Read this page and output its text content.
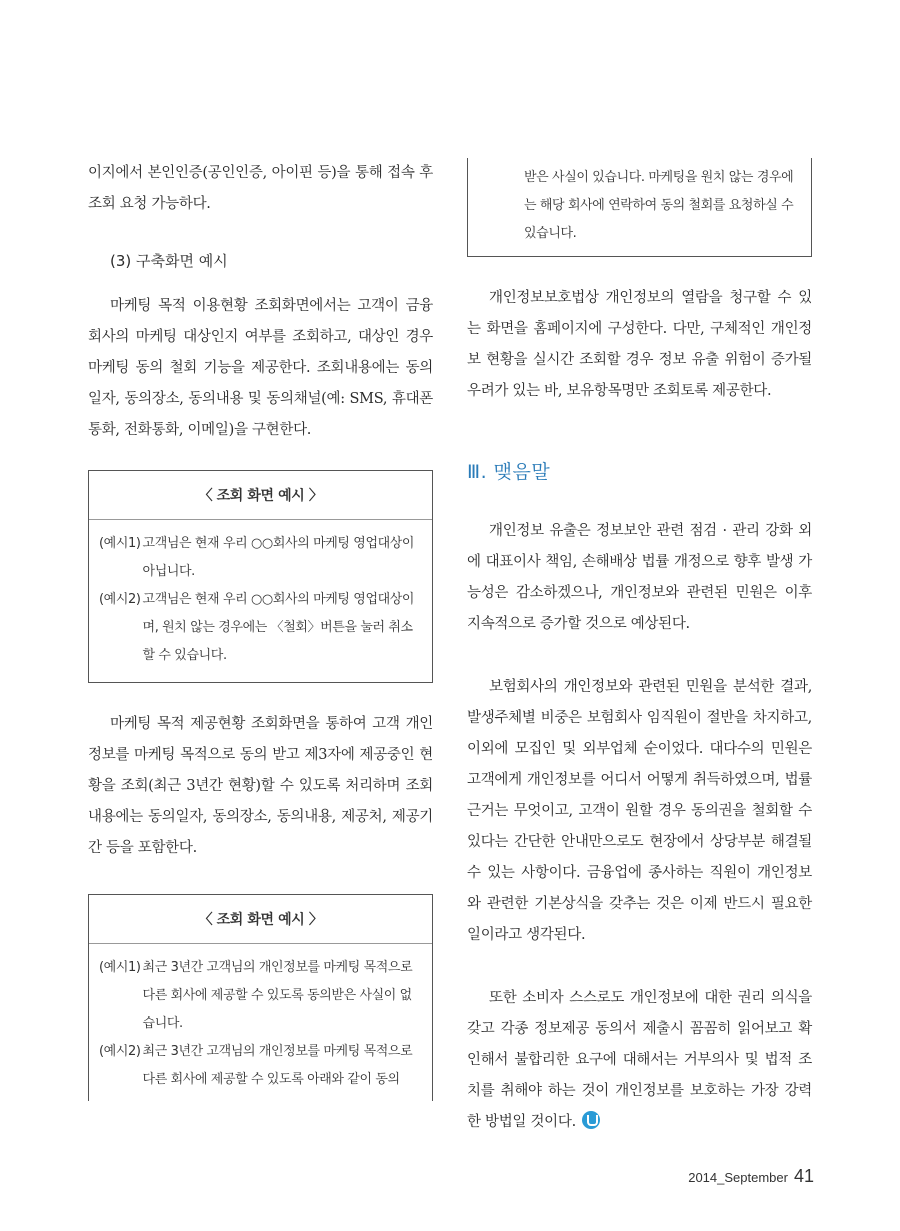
이지에서 본인인증(공인인증, 아이핀 등)을 통해 접속 후 조회 요청 가능하다.

(3) 구축화면 예시

마케팅 목적 이용현황 조회화면에서는 고객이 금융회사의 마케팅 대상인지 여부를 조회하고, 대상인 경우 마케팅 동의 철회 기능을 제공한다. 조회내용에는 동의일자, 동의장소, 동의내용 및 동의채널(예: SMS, 휴대폰통화, 전화통화, 이메일)을 구현한다.

〈 조회 화면 예시 〉

(예시1) 고객님은 현재 우리 ○○회사의 마케팅 영업대상이 아닙니다.
(예시2) 고객님은 현재 우리 ○○회사의 마케팅 영업대상이며, 원치 않는 경우에는 〈철회〉버튼을 눌러 취소할 수 있습니다.

마케팅 목적 제공현황 조회화면을 통하여 고객 개인정보를 마케팅 목적으로 동의 받고 제3자에 제공중인 현황을 조회(최근 3년간 현황)할 수 있도록 처리하며 조회내용에는 동의일자, 동의장소, 동의내용, 제공처, 제공기간 등을 포함한다.

〈 조회 화면 예시 〉

(예시1) 최근 3년간 고객님의 개인정보를 마케팅 목적으로 다른 회사에 제공할 수 있도록 동의받은 사실이 없습니다.
(예시2) 최근 3년간 고객님의 개인정보를 마케팅 목적으로 다른 회사에 제공할 수 있도록 아래와 같이 동의
받은 사실이 있습니다. 마케팅을 원치 않는 경우에는 해당 회사에 연락하여 동의 철회를 요청하실 수 있습니다.

개인정보보호법상 개인정보의 열람을 청구할 수 있는 화면을 홈페이지에 구성한다. 다만, 구체적인 개인정보 현황을 실시간 조회할 경우 정보 유출 위험이 증가될 우려가 있는 바, 보유항목명만 조회토록 제공한다.

Ⅲ. 맺음말

개인정보 유출은 정보보안 관련 점검 · 관리 강화 외에 대표이사 책임, 손해배상 법률 개정으로 향후 발생 가능성은 감소하겠으나, 개인정보와 관련된 민원은 이후 지속적으로 증가할 것으로 예상된다.

보험회사의 개인정보와 관련된 민원을 분석한 결과, 발생주체별 비중은 보험회사 임직원이 절반을 차지하고, 이외에 모집인 및 외부업체 순이었다. 대다수의 민원은 고객에게 개인정보를 어디서 어떻게 취득하였으며, 법률근거는 무엇이고, 고객이 원할 경우 동의권을 철회할 수 있다는 간단한 안내만으로도 현장에서 상당부분 해결될 수 있는 사항이다. 금융업에 종사하는 직원이 개인정보와 관련한 기본상식을 갖추는 것은 이제 반드시 필요한 일이라고 생각된다.

또한 소비자 스스로도 개인정보에 대한 권리 의식을 갖고 각종 정보제공 동의서 제출시 꼼꼼히 읽어보고 확인해서 불합리한 요구에 대해서는 거부의사 및 법적 조치를 취해야 하는 것이 개인정보를 보호하는 가장 강력한 방법일 것이다.

2014_September 41
